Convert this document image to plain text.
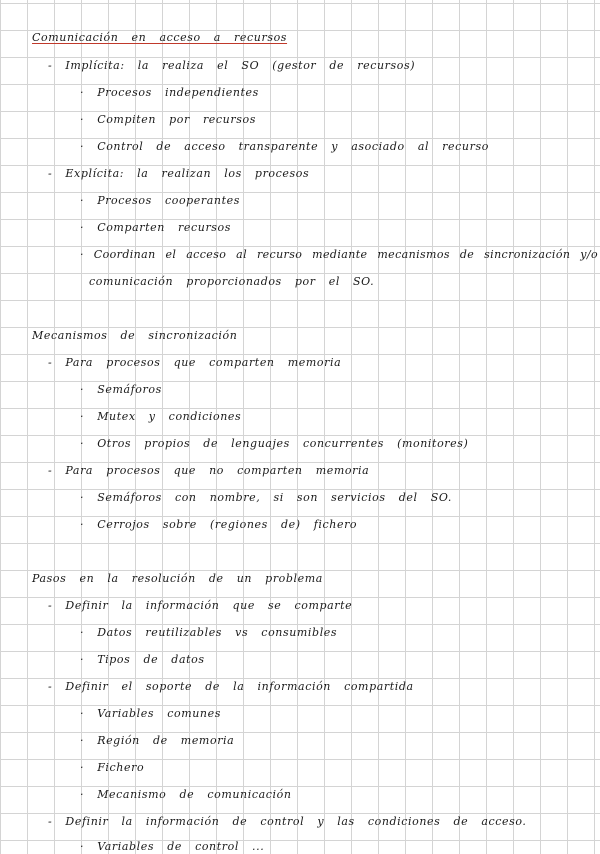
Comunicación en acceso a recursos
- Implícita: la realiza el SO (gestor de recursos)
· Procesos independientes
· Compiten por recursos
· Control de acceso transparente y asociado al recurso
- Explícita: la realizan los procesos
· Procesos cooperantes
· Comparten recursos
· Coordinan el acceso al recurso mediante mecanismos de sincronización y/o
comunicación proporcionados por el SO.
Mecanismos de sincronización
- Para procesos que comparten memoria
· Semáforos
· Mutex y condiciones
· Otros propios de lenguajes concurrentes (monitores)
- Para procesos que no comparten memoria
· Semáforos con nombre, si son servicios del SO.
· Cerrojos sobre (regiones de) fichero
Pasos en la resolución de un problema
- Definir la información que se comparte
· Datos reutilizables vs consumibles
· Tipos de datos
- Definir el soporte de la información compartida
· Variables comunes
· Región de memoria
· Fichero
· Mecanismo de comunicación
- Definir la información de control y las condiciones de acceso.
· Variables de control ...
